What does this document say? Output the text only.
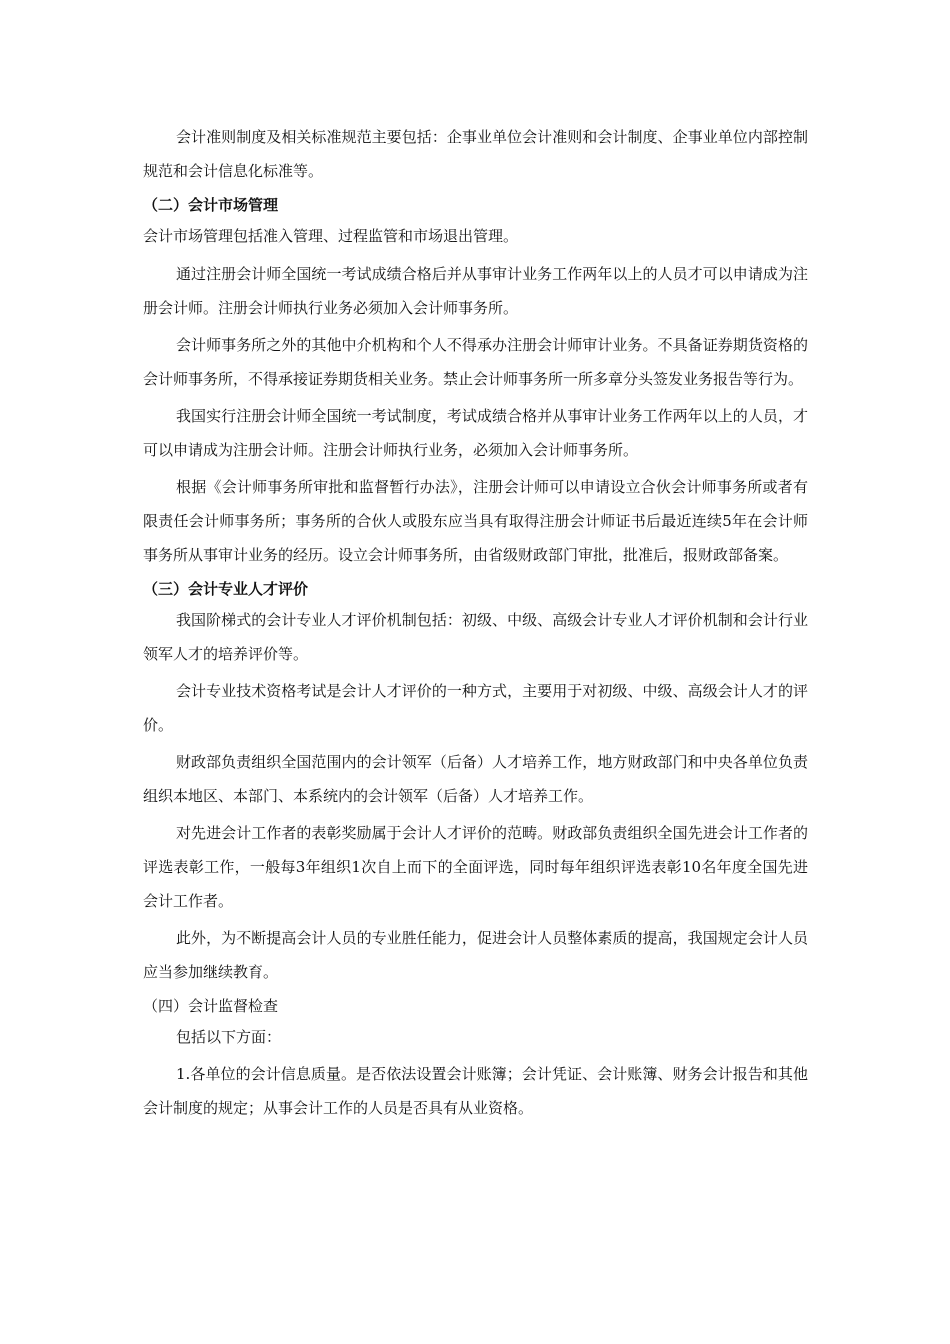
会计准则制度及相关标准规范主要包括：企事业单位会计准则和会计制度、企事业单位内部控制规范和会计信息化标准等。

（二）会计市场管理

会计市场管理包括准入管理、过程监管和市场退出管理。

通过注册会计师全国统一考试成绩合格后并从事审计业务工作两年以上的人员才可以申请成为注册会计师。注册会计师执行业务必须加入会计师事务所。

会计师事务所之外的其他中介机构和个人不得承办注册会计师审计业务。不具备证券期货资格的会计师事务所，不得承接证券期货相关业务。禁止会计师事务所一所多章分头签发业务报告等行为。

我国实行注册会计师全国统一考试制度，考试成绩合格并从事审计业务工作两年以上的人员，才可以申请成为注册会计师。注册会计师执行业务，必须加入会计师事务所。

根据《会计师事务所审批和监督暂行办法》，注册会计师可以申请设立合伙会计师事务所或者有限责任会计师事务所；事务所的合伙人或股东应当具有取得注册会计师证书后最近连续5年在会计师事务所从事审计业务的经历。设立会计师事务所，由省级财政部门审批，批准后，报财政部备案。

（三）会计专业人才评价

我国阶梯式的会计专业人才评价机制包括：初级、中级、高级会计专业人才评价机制和会计行业领军人才的培养评价等。

会计专业技术资格考试是会计人才评价的一种方式，主要用于对初级、中级、高级会计人才的评价。

财政部负责组织全国范围内的会计领军（后备）人才培养工作，地方财政部门和中央各单位负责组织本地区、本部门、本系统内的会计领军（后备）人才培养工作。

对先进会计工作者的表彰奖励属于会计人才评价的范畴。财政部负责组织全国先进会计工作者的评选表彰工作，一般每3年组织1次自上而下的全面评选，同时每年组织评选表彰10名年度全国先进会计工作者。

此外，为不断提高会计人员的专业胜任能力，促进会计人员整体素质的提高，我国规定会计人员应当参加继续教育。

（四）会计监督检查

包括以下方面：

1.各单位的会计信息质量。是否依法设置会计账簿；会计凭证、会计账簿、财务会计报告和其他会计制度的规定；从事会计工作的人员是否具有从业资格。
